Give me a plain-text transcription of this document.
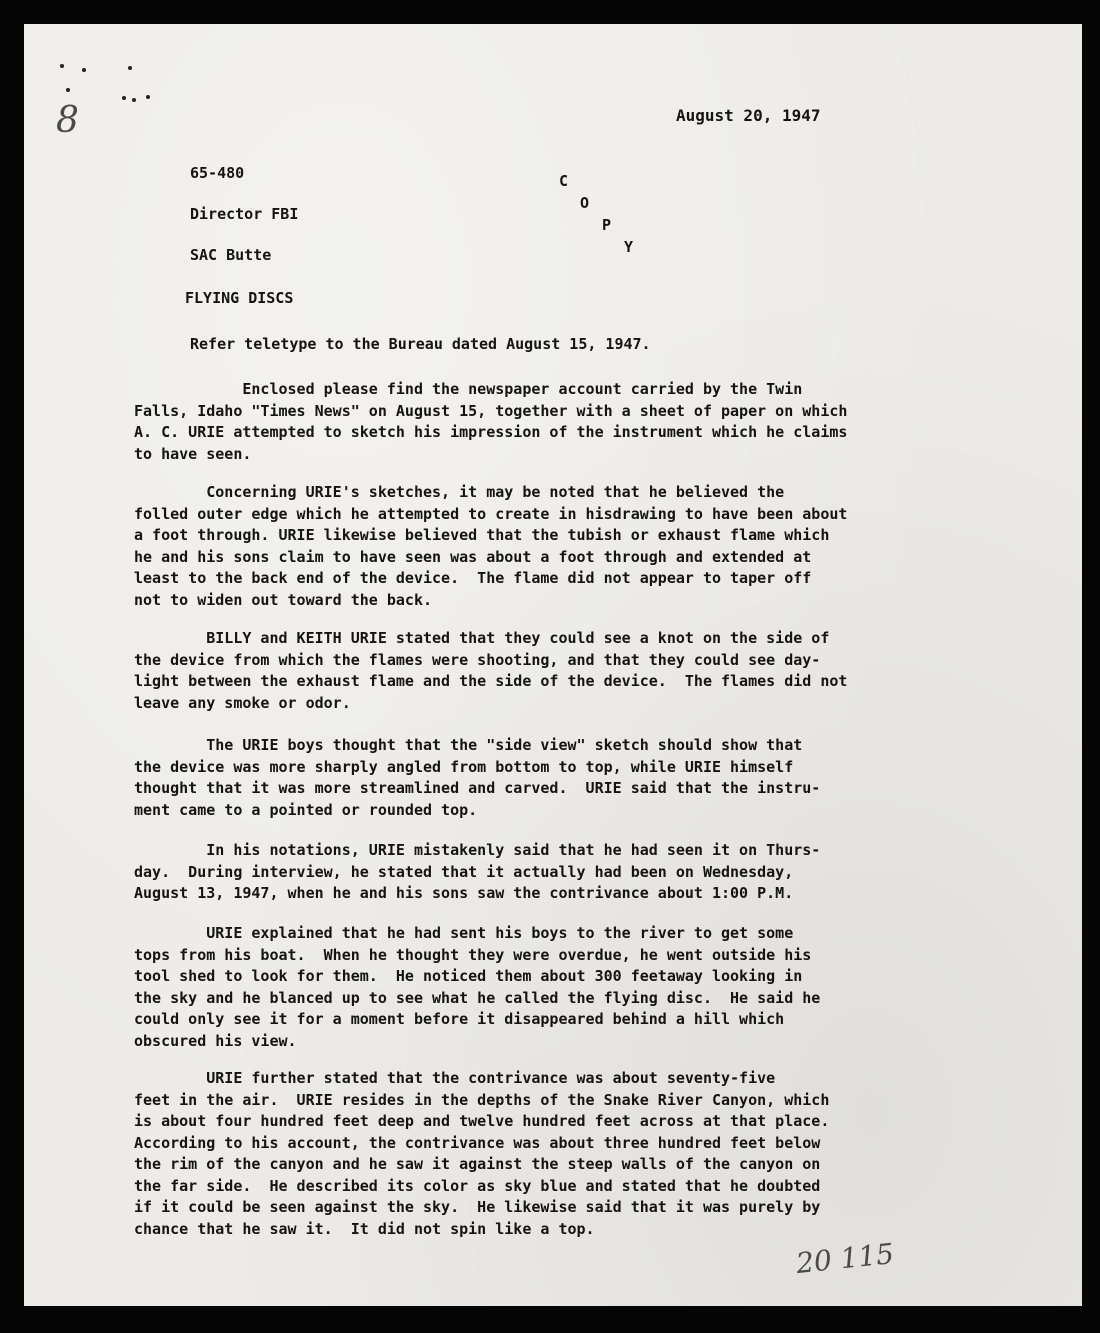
8	August 20, 1947

65-480

Director FBI

SAC Butte

FLYING DISCS

C
O
P
Y

Refer teletype to the Bureau dated August 15, 1947.

Enclosed please find the newspaper account carried by the Twin
Falls, Idaho "Times News" on August 15, together with a sheet of paper on which
A. C. URIE attempted to sketch his impression of the instrument which he claims
to have seen.

Concerning URIE's sketches, it may be noted that he believed the
folled outer edge which he attempted to create in hisdrawing to have been about
a foot through. URIE likewise believed that the tubish or exhaust flame which
he and his sons claim to have seen was about a foot through and extended at
least to the back end of the device.  The flame did not appear to taper off
not to widen out toward the back.

BILLY and KEITH URIE stated that they could see a knot on the side of
the device from which the flames were shooting, and that they could see day-
light between the exhaust flame and the side of the device.  The flames did not
leave any smoke or odor.

The URIE boys thought that the "side view" sketch should show that
the device was more sharply angled from bottom to top, while URIE himself
thought that it was more streamlined and carved.  URIE said that the instru-
ment came to a pointed or rounded top.

In his notations, URIE mistakenly said that he had seen it on Thurs-
day.  During interview, he stated that it actually had been on Wednesday,
August 13, 1947, when he and his sons saw the contrivance about 1:00 P.M.

URIE explained that he had sent his boys to the river to get some
tops from his boat.  When he thought they were overdue, he went outside his
tool shed to look for them.  He noticed them about 300 feetaway looking in
the sky and he blanced up to see what he called the flying disc.  He said he
could only see it for a moment before it disappeared behind a hill which
obscured his view.

URIE further stated that the contrivance was about seventy-five
feet in the air.  URIE resides in the depths of the Snake River Canyon, which
is about four hundred feet deep and twelve hundred feet across at that place.
According to his account, the contrivance was about three hundred feet below
the rim of the canyon and he saw it against the steep walls of the canyon on
the far side.  He described its color as sky blue and stated that he doubted
if it could be seen against the sky.  He likewise said that it was purely by
chance that he saw it.  It did not spin like a top.

20 115
